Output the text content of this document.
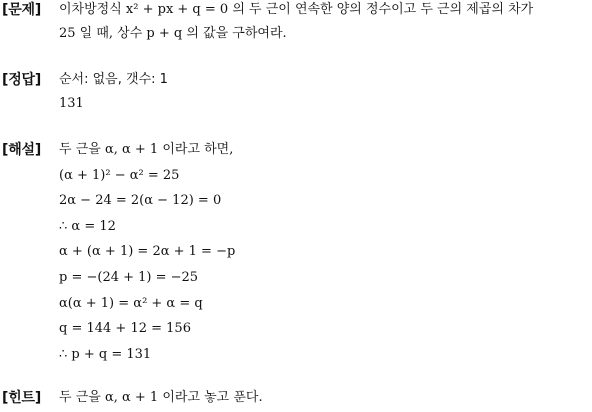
[문제] 이차방정식 x² + px + q = 0 의 두 근이 연속한 양의 정수이고 두 근의 제곱의 차가
25 일 때, 상수 p + q 의 값을 구하여라.
[정답] 순서: 없음, 갯수: 1
131
[해설] 두 근을 α, α + 1 이라고 하면,
(α + 1)² − α² = 25
2α − 24 = 2(α − 12) = 0
∴ α = 12
α + (α + 1) = 2α + 1 = −p
p = −(24 + 1) = −25
α(α + 1) = α² + α = q
q = 144 + 12 = 156
∴ p + q = 131
[힌트] 두 근을 α, α + 1 이라고 놓고 푼다.
